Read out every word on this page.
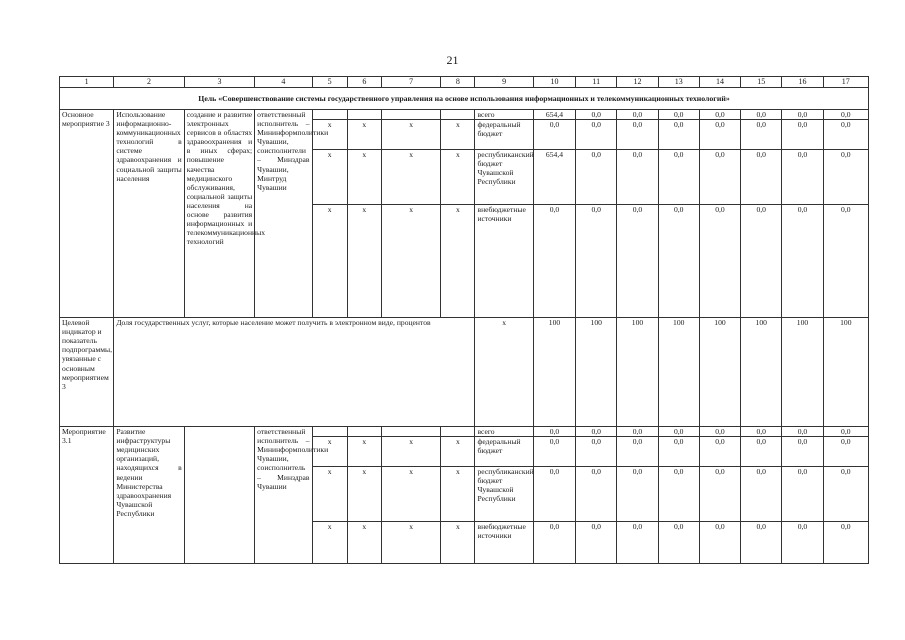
21
1	2	3	4	5	6	7	8	9	10	11	12	13	14	15	16	17
Цель «Совершенствование системы государственного управления на основе использования информационных и телекоммуникационных технологий»																
Основное мероприятие 3	Использование информационно-коммуникационных технологий в системе здравоохранения и социальной защиты населения	создание и развитие электронных сервисов в областях здравоохранения и в иных сферах; повышение качества медицинского обслуживания, социальной защиты населения на основе развития информационных и телекоммуникационных технологий	ответственный исполнитель – Мининформполитики Чувашии, соисполнители – Минздрав Чувашии, Минтруд Чувашии					всего	654,4	0,0	0,0	0,0	0,0	0,0	0,0	0,0
				х	х	х	х	федеральный бюджет	0,0	0,0	0,0	0,0	0,0	0,0	0,0	0,0
				х	х	х	х	республиканский бюджет Чувашской Республики	654,4	0,0	0,0	0,0	0,0	0,0	0,0	0,0
				х	х	х	х	внебюджетные источники	0,0	0,0	0,0	0,0	0,0	0,0	0,0	0,0
Целевой индикатор и показатель подпрограммы, увязанные с основным мероприятием 3	Доля государственных услуг, которые население может получить в электронном виде, процентов							х	100	100	100	100	100	100	100	100
Мероприятие 3.1	Развитие инфраструктуры медицинских организаций, находящихся в ведении Министерства здравоохранения Чувашской Республики		ответственный исполнитель – Мининформполитики Чувашии, соисполнитель – Минздрав Чувашии					всего	0,0	0,0	0,0	0,0	0,0	0,0	0,0	0,0
				х	х	х	х	федеральный бюджет	0,0	0,0	0,0	0,0	0,0	0,0	0,0	0,0
				х	х	х	х	республиканский бюджет Чувашской Республики	0,0	0,0	0,0	0,0	0,0	0,0	0,0	0,0
				х	х	х	х	внебюджетные источники	0,0	0,0	0,0	0,0	0,0	0,0	0,0	0,0
